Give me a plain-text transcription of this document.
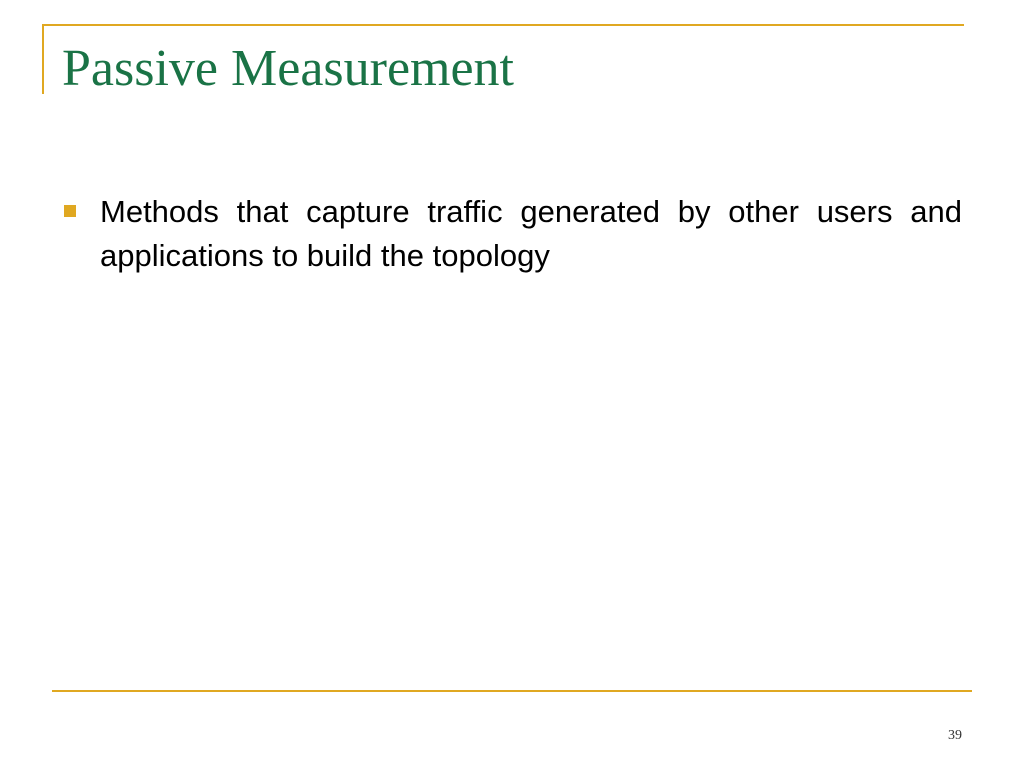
Passive Measurement
Methods that capture traffic generated by other users and applications to build the topology
39
